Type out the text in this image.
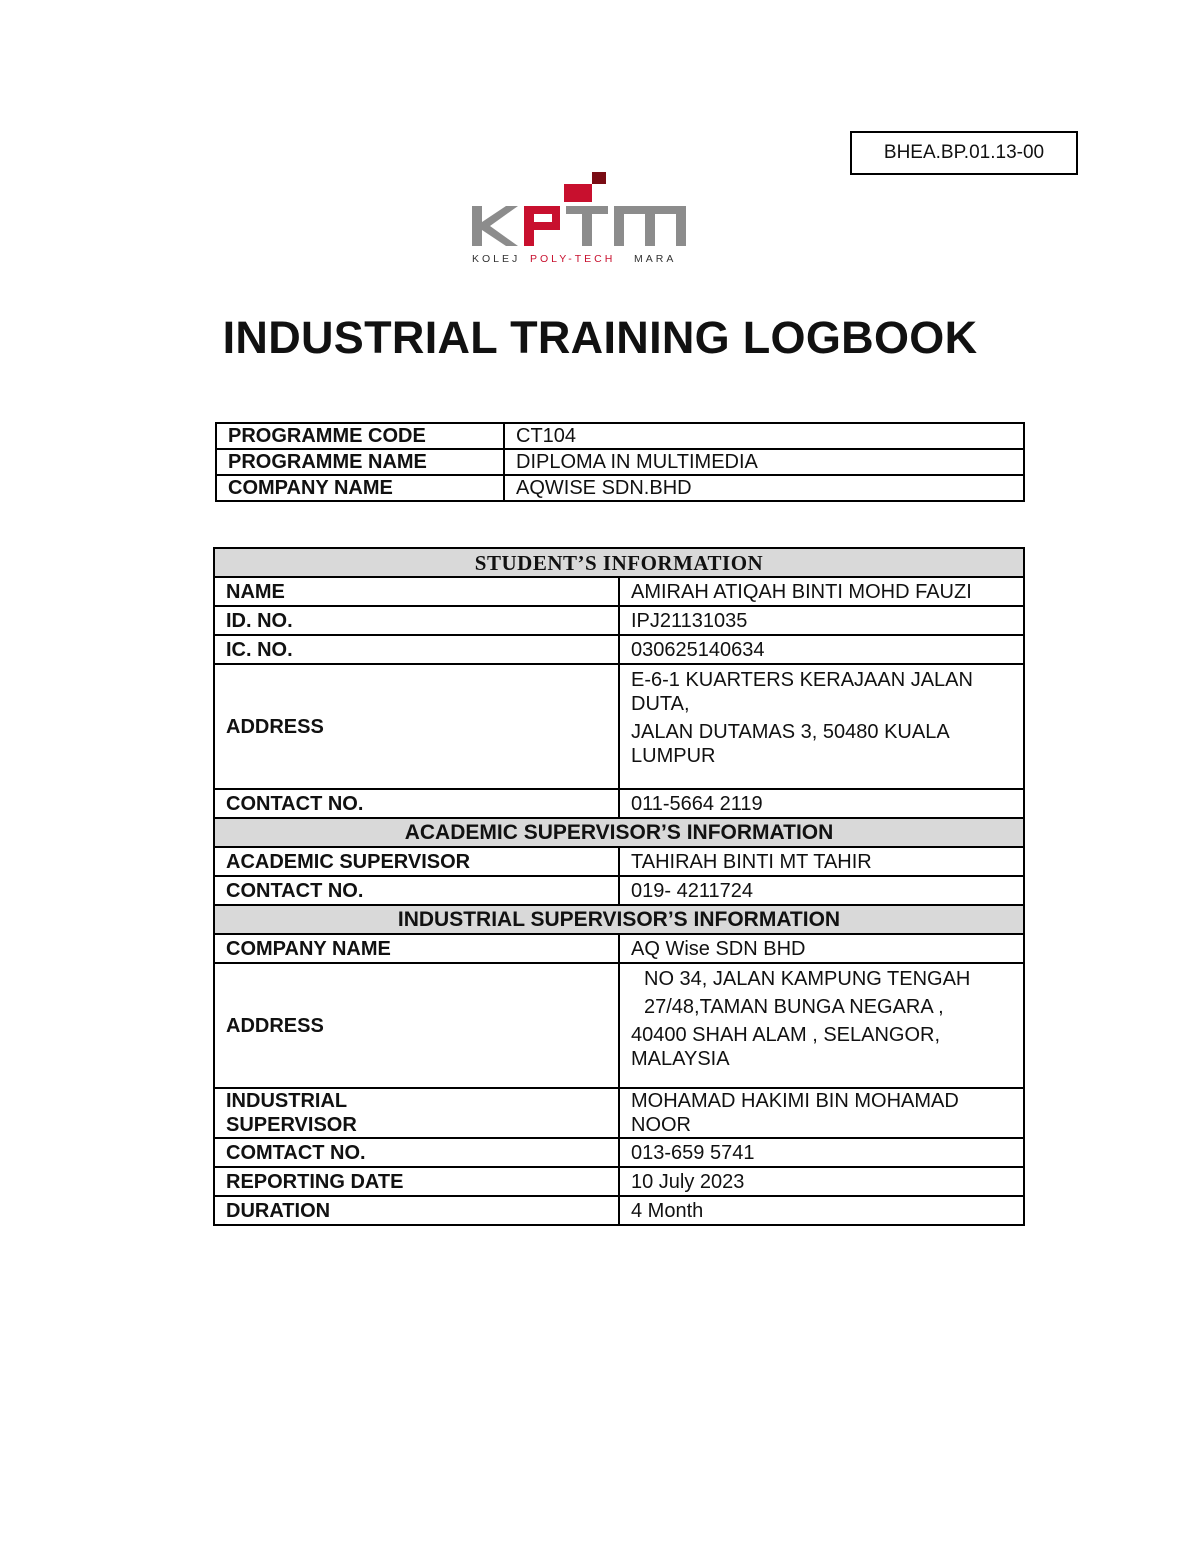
BHEA.BP.01.13-00
KOLEJ POLY-TECH MARA
INDUSTRIAL TRAINING LOGBOOK
PROGRAMME CODE	CT104
PROGRAMME NAME	DIPLOMA IN MULTIMEDIA
COMPANY NAME	AQWISE SDN.BHD
STUDENT’S INFORMATION	
NAME	AMIRAH ATIQAH BINTI MOHD FAUZI
ID. NO.	IPJ21131035
IC. NO.	030625140634
ADDRESS	E-6-1 KUARTERS KERAJAAN JALAN DUTA,
JALAN DUTAMAS 3, 50480 KUALA LUMPUR

CONTACT NO.	011-5664 2119
ACADEMIC SUPERVISOR’S INFORMATION	
ACADEMIC SUPERVISOR	TAHIRAH BINTI MT TAHIR
CONTACT NO.	019- 4211724
INDUSTRIAL SUPERVISOR’S INFORMATION	
COMPANY NAME	AQ Wise SDN BHD
ADDRESS	NO 34, JALAN KAMPUNG TENGAH
27/48,TAMAN BUNGA NEGARA ,
40400 SHAH ALAM , SELANGOR, MALAYSIA

INDUSTRIAL
SUPERVISOR	MOHAMAD HAKIMI BIN MOHAMAD NOOR
COMTACT NO.	013-659 5741
REPORTING DATE	10 July 2023
DURATION	4 Month
